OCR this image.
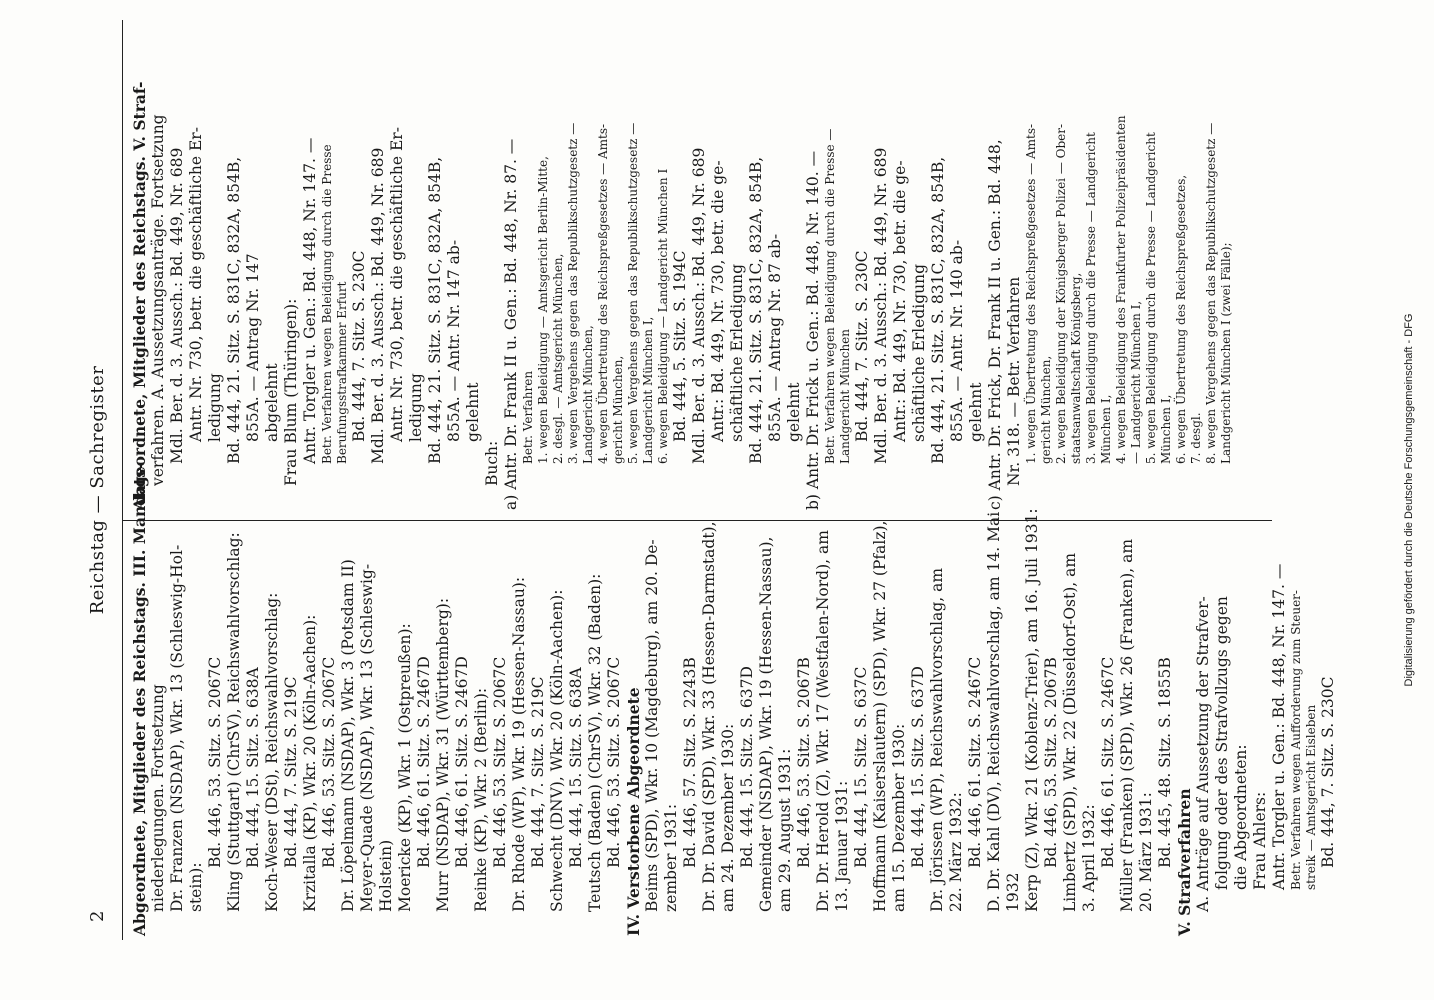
2
Reichstag — Sachregister Abgeordnete, Mitglieder des Reichstags. III. Mandats- niederlegungen. Fortsetzung Dr. Franzen (NSDAP), Wkr. 13 (Schleswig-Hol- stein):
Bd. 446, 53. Sitz. S. 2067C Kling (Stuttgart) (ChrSV), Reichswahlvorschlag: Bd. 444, 15. Sitz. S. 638A Koch-Weser (DSt), Reichswahlvorschlag: Bd. 444, 7. Sitz. S. 219C Krzitalla (KP), Wkr. 20 (Köln-Aachen): Bd. 446, 53. Sitz. S. 2067C Dr. Löpelmann (NSDAP), Wkr. 3 (Potsdam II) Meyer-Quade (NSDAP), Wkr. 13 (Schleswig- Holstein) Moericke (KP), Wkr. 1 (Ostpreußen): Bd. 446, 61. Sitz. S. 2467D Murr (NSDAP), Wkr. 31 (Württemberg): Bd. 446, 61. Sitz. S. 2467D Reinke (KP), Wkr. 2 (Berlin): Bd. 446, 53. Sitz. S. 2067C Dr. Rhode (WP), Wkr. 19 (Hessen-Nassau): Bd. 444, 7. Sitz. S. 219C Schwecht (DNV), Wkr. 20 (Köln-Aachen): Bd. 444, 15. Sitz. S. 638A Teutsch (Baden) (ChrSV), Wkr. 32 (Baden): Bd. 446, 53. Sitz. S. 2067C IV. Verstorbene Abgeordnete Beims (SPD), Wkr. 10 (Magdeburg), am 20. De- zember 1931: Bd. 446, 57. Sitz. S. 2243B Dr. Dr. David (SPD), Wkr. 33 (Hessen-Darmstadt), am 24. Dezember 1930: Bd. 444, 15. Sitz. S. 637D Gemeinder (NSDAP), Wkr. 19 (Hessen-Nassau), am 29. August 1931: Bd. 446, 53. Sitz. S. 2067B Dr. Dr. Herold (Z), Wkr. 17 (Westfalen-Nord), am 13. Januar 1931: Bd. 444, 15. Sitz. S. 637C Hoffmann (Kaiserslautern) (SPD), Wkr. 27 (Pfalz), am 15. Dezember 1930: Bd. 444, 15. Sitz. S. 637D Dr. Jörissen (WP), Reichswahlvorschlag, am 22. März 1932: Bd. 446, 61. Sitz. S. 2467C D. Dr. Kahl (DV), Reichswahlvorschlag, am 14. Mai 1932 Kerp (Z), Wkr. 21 (Koblenz-Trier), am 16. Juli 1931: Bd. 446, 53. Sitz. S. 2067B Limbertz (SPD), Wkr. 22 (Düsseldorf-Ost), am 3. April 1932: Bd. 446, 61. Sitz. S. 2467C Müller (Franken) (SPD), Wkr. 26 (Franken), am 20. März 1931: Bd. 445, 48. Sitz. S. 1855B V. Strafverfahren A. Anträge auf Aussetzung der Strafver- folgung oder des Strafvollzugs gegen die Abgeordneten: Frau Ahlers: Antr. Torgler u. Gen.: Bd. 448, Nr. 147. — Betr. Verfahren wegen Aufforderung zum Steuer- streik — Amtsgericht Eisleben Bd. 444, 7. Sitz. S. 230C
Abgeordnete, Mitglieder des Reichstags. V. Straf- verfahren. A. Aussetzungsanträge. Fortsetzung Mdl. Ber. d. 3. Aussch.: Bd. 449, Nr. 689 Antr. Nr. 730, betr. die geschäftliche Er- ledigung Bd. 444, 21. Sitz. S. 831C, 832A, 854B, 855A. — Antrag Nr. 147 abgelehnt Frau Blum (Thüringen): Antr. Torgler u. Gen.: Bd. 448, Nr. 147. — Betr. Verfahren wegen Beleidigung durch die Presse Berufungsstrafkammer Erfurt Bd. 444, 7. Sitz. S. 230C Mdl. Ber. d. 3. Aussch.: Bd. 449, Nr. 689 Antr. Nr. 730, betr. die geschäftliche Er- ledigung Bd. 444, 21. Sitz. S. 831C, 832A, 854B, 855A. — Antr. Nr. 147 ab- gelehnt
Buch: a) Antr. Dr. Frank II u. Gen.: Bd. 448, Nr. 87. — Betr. Verfahren 1. wegen Beleidigung — Amtsgericht Berlin-Mitte, 2. desgl. — Amtsgericht München, 3. wegen Vergehens gegen das Republikschutzgesetz — Landgericht München, 4. wegen Übertretung des Reichspreßgesetzes — Amts- gericht München, 5. wegen Vergehens gegen das Republikschutzgesetz — Landgericht München I, 6. wegen Beleidigung — Landgericht München I Bd. 444, 5. Sitz. S. 194C Mdl. Ber. d. 3. Aussch.: Bd. 449, Nr. 689 Antr.: Bd. 449, Nr. 730, betr. die ge- schäftliche Erledigung Bd. 444, 21. Sitz. S. 831C, 832A, 854B, 855A. — Antrag Nr. 87 ab- gelehnt b) Antr. Dr. Frick u. Gen.: Bd. 448, Nr. 140. — Betr. Verfahren wegen Beleidigung durch die Presse — Landgericht München Bd. 444, 7. Sitz. S. 230C Mdl. Ber. d. 3. Aussch.: Bd. 449, Nr. 689 Antr.: Bd. 449, Nr. 730, betr. die ge- schäftliche Erledigung Bd. 444, 21. Sitz. S. 831C, 832A, 854B, 855A. — Antr. Nr. 140 ab- gelehnt c) Antr. Dr. Frick, Dr. Frank II u. Gen.: Bd. 448, Nr. 318. — Betr. Verfahren 1. wegen Übertretung des Reichspreßgesetzes — Amts- gericht München, 2. wegen Beleidigung der Königsberger Polizei — Ober- staatsanwaltschaft Königsberg, 3. wegen Beleidigung durch die Presse — Landgericht München I, 4. wegen Beleidigung des Frankfurter Polizeipräsidenten — Landgericht München I, 5. wegen Beleidigung durch die Presse — Landgericht München I, 6. wegen Übertretung des Reichspreßgesetzes, 7. desgl. 8. wegen Vergehens gegen das Republikschutzgesetz — Landgericht München I (zwei Fälle);	Digitalisierung gefördert durch die Deutsche Forschungsgemeinschaft - DFG
